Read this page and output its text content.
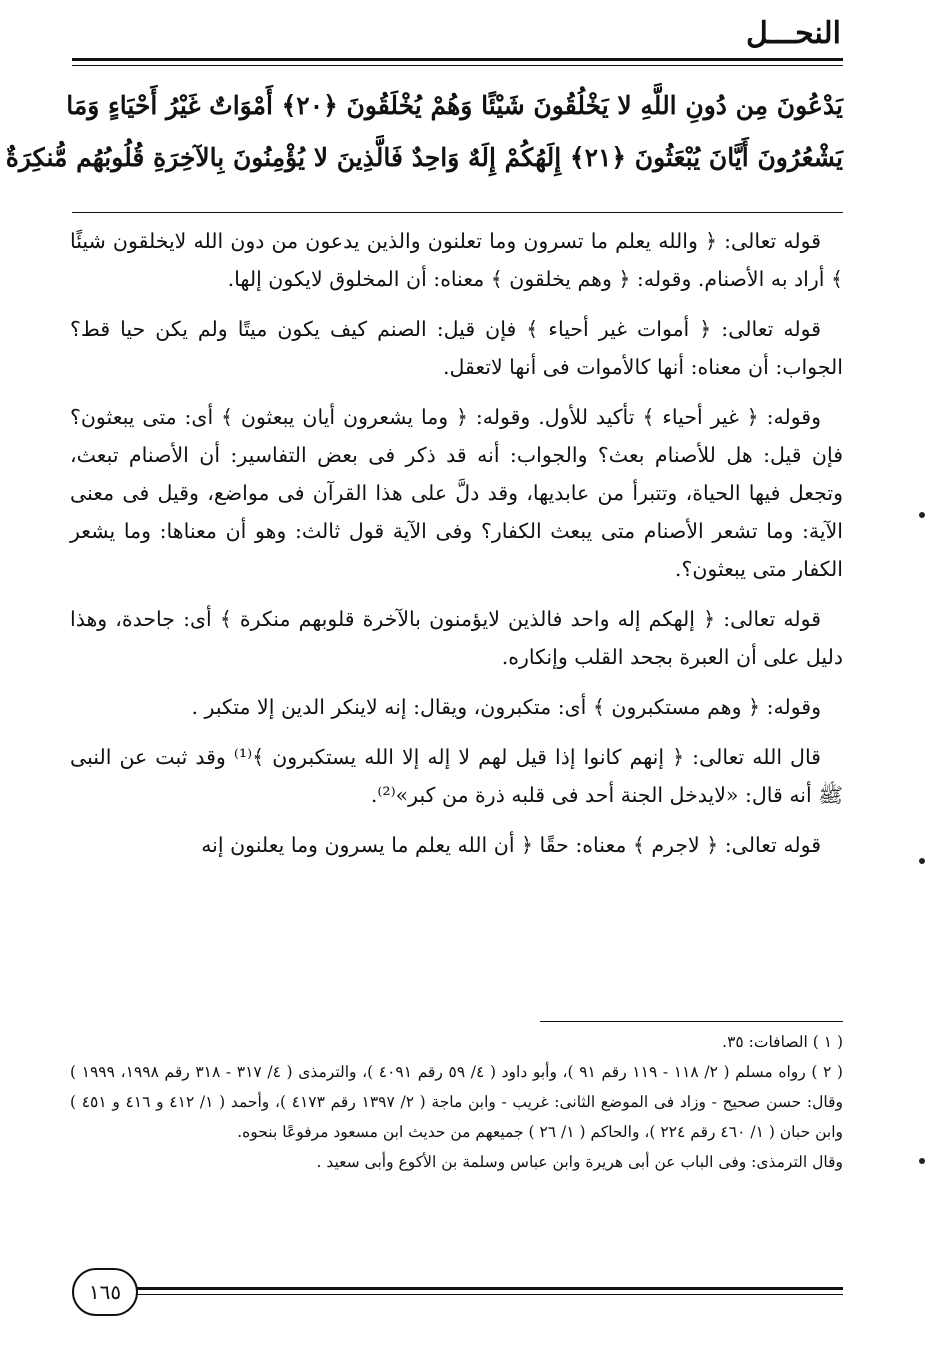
النحـــل
يَدْعُونَ مِن دُونِ اللَّهِ لا يَخْلُقُونَ شَيْئًا وَهُمْ يُخْلَقُونَ ﴿٢٠﴾ أَمْوَاتٌ غَيْرُ أَحْيَاءٍ وَمَا
يَشْعُرُونَ أَيَّانَ يُبْعَثُونَ ﴿٢١﴾ إِلَهُكُمْ إِلَهٌ وَاحِدٌ فَالَّذِينَ لا يُؤْمِنُونَ بِالآخِرَةِ قُلُوبُهُم مُّنكِرَةٌ

قوله تعالى: ﴿ والله يعلم ما تسرون وما تعلنون والذين يدعون من دون الله لايخلقون شيئًا ﴾ أراد به الأصنام. وقوله: ﴿ وهم يخلقون ﴾ معناه: أن المخلوق لايكون إلها.

قوله تعالى: ﴿ أموات غير أحياء ﴾ فإن قيل: الصنم كيف يكون ميتًا ولم يكن حيا قط؟ الجواب: أن معناه: أنها كالأموات فى أنها لاتعقل.

وقوله: ﴿ غير أحياء ﴾ تأكيد للأول. وقوله: ﴿ وما يشعرون أيان يبعثون ﴾ أى: متى يبعثون؟ فإن قيل: هل للأصنام بعث؟ والجواب: أنه قد ذكر فى بعض التفاسير: أن الأصنام تبعث، وتجعل فيها الحياة، وتتبرأ من عابديها، وقد دلَّ على هذا القرآن فى مواضع، وقيل فى معنى الآية: وما تشعر الأصنام متى يبعث الكفار؟ وفى الآية قول ثالث: وهو أن معناها: وما يشعر الكفار متى يبعثون؟.

قوله تعالى: ﴿ إلهكم إله واحد فالذين لايؤمنون بالآخرة قلوبهم منكرة ﴾ أى: جاحدة، وهذا دليل على أن العبرة بجحد القلب وإنكاره.

وقوله: ﴿ وهم مستكبرون ﴾ أى: متكبرون، ويقال: إنه لاينكر الدين إلا متكبر .

قال الله تعالى: ﴿ إنهم كانوا إذا قيل لهم لا إله إلا الله يستكبرون ﴾⁽¹⁾ وقد ثبت عن النبى ﷺ أنه قال: «لايدخل الجنة أحد فى قلبه ذرة من كبر»⁽²⁾.

قوله تعالى: ﴿ لاجرم ﴾ معناه: حقًا ﴿ أن الله يعلم ما يسرون وما يعلنون إنه

( ١ ) الصافات: ٣٥.

( ٢ ) رواه مسلم ( ٢/ ١١٨ - ١١٩ رقم ٩١ )، وأبو داود ( ٤/ ٥٩ رقم ٤٠٩١ )، والترمذى ( ٤/ ٣١٧ - ٣١٨ رقم ١٩٩٨، ١٩٩٩ ) وقال: حسن صحيح - وزاد فى الموضع الثانى: غريب - وابن ماجة ( ٢/ ١٣٩٧ رقم ٤١٧٣ )، وأحمد ( ١/ ٤١٢ و ٤١٦ و ٤٥١ ) وابن حبان ( ١/ ٤٦٠ رقم ٢٢٤ )، والحاكم ( ١/ ٢٦ ) جميعهم من حديث ابن مسعود مرفوعًا بنحوه.

وقال الترمذى: وفى الباب عن أبى هريرة وابن عباس وسلمة بن الأكوع وأبى سعيد .

١٦٥
